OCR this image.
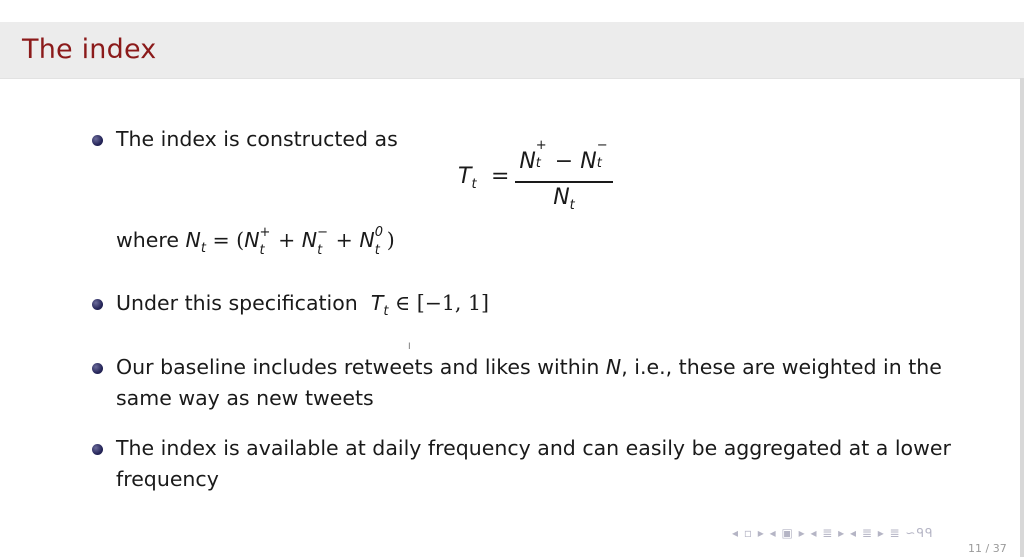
The index
The index is constructed as
$T_t$ =
N
+
t − N
−
t
$N_t$
where $N_t = (N$ +
t + N −
t + N 0
t )
Under this specification $T_t$ ∈ [−1, 1]
I
Our baseline includes retweets and likes within N, i.e., these are weighted in the
same way as new tweets
The index is available at daily frequency and can easily be aggregated at a lower
frequency
◂ ▫ ▸ ◂ ▣ ▸ ◂ ≣ ▸ ◂ ≣ ▸ ≣ ∽ᑫᑫ
11 / 37
